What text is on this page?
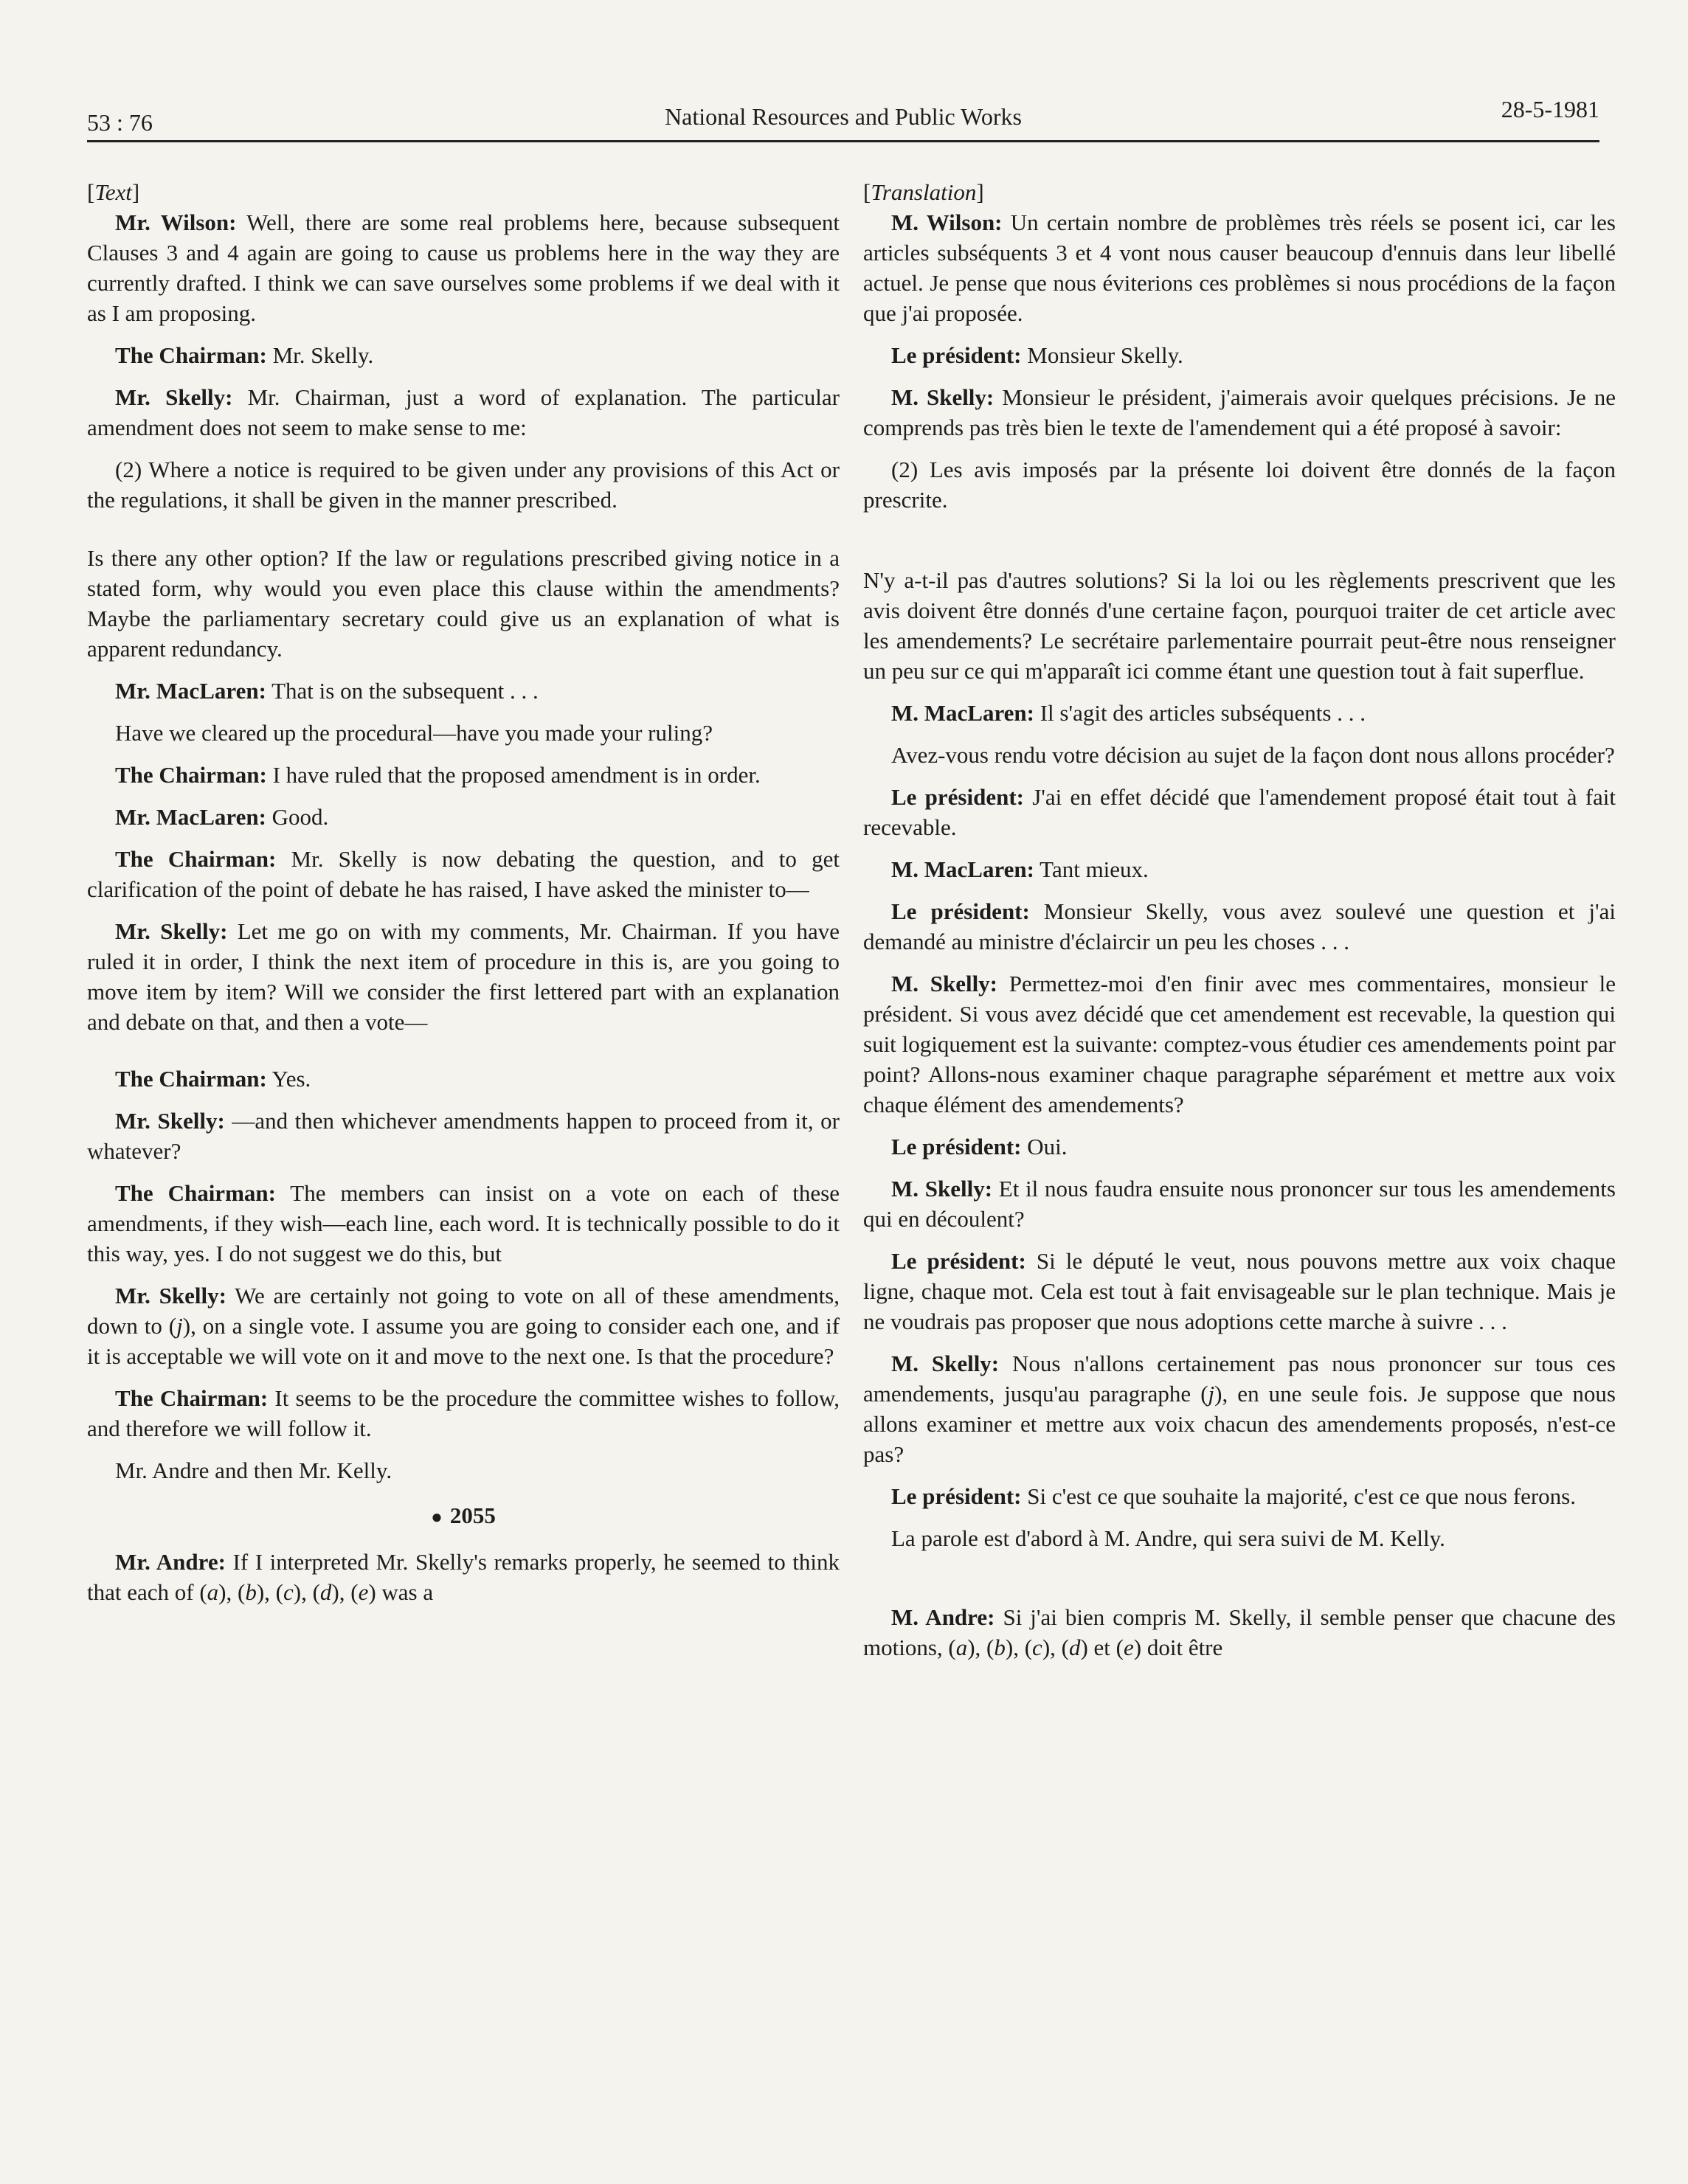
53 : 76	National Resources and Public Works	28-5-1981

[Text]

Mr. Wilson: Well, there are some real problems here, because subsequent Clauses 3 and 4 again are going to cause us problems here in the way they are currently drafted. I think we can save ourselves some problems if we deal with it as I am proposing.

The Chairman: Mr. Skelly.

Mr. Skelly: Mr. Chairman, just a word of explanation. The particular amendment does not seem to make sense to me:

(2) Where a notice is required to be given under any provisions of this Act or the regulations, it shall be given in the manner prescribed.

Is there any other option? If the law or regulations prescribed giving notice in a stated form, why would you even place this clause within the amendments? Maybe the parliamentary secretary could give us an explanation of what is apparent redundancy.

Mr. MacLaren: That is on the subsequent . . .

Have we cleared up the procedural—have you made your ruling?

The Chairman: I have ruled that the proposed amendment is in order.

Mr. MacLaren: Good.

The Chairman: Mr. Skelly is now debating the question, and to get clarification of the point of debate he has raised, I have asked the minister to—

Mr. Skelly: Let me go on with my comments, Mr. Chairman. If you have ruled it in order, I think the next item of procedure in this is, are you going to move item by item? Will we consider the first lettered part with an explanation and debate on that, and then a vote—

The Chairman: Yes.

Mr. Skelly: —and then whichever amendments happen to proceed from it, or whatever?

The Chairman: The members can insist on a vote on each of these amendments, if they wish—each line, each word. It is technically possible to do it this way, yes. I do not suggest we do this, but

Mr. Skelly: We are certainly not going to vote on all of these amendments, down to (j), on a single vote. I assume you are going to consider each one, and if it is acceptable we will vote on it and move to the next one. Is that the procedure?

The Chairman: It seems to be the procedure the committee wishes to follow, and therefore we will follow it.

Mr. Andre and then Mr. Kelly.

● 2055

Mr. Andre: If I interpreted Mr. Skelly's remarks properly, he seemed to think that each of (a), (b), (c), (d), (e) was a

[Translation]

M. Wilson: Un certain nombre de problèmes très réels se posent ici, car les articles subséquents 3 et 4 vont nous causer beaucoup d'ennuis dans leur libellé actuel. Je pense que nous éviterions ces problèmes si nous procédions de la façon que j'ai proposée.

Le président: Monsieur Skelly.

M. Skelly: Monsieur le président, j'aimerais avoir quelques précisions. Je ne comprends pas très bien le texte de l'amendement qui a été proposé à savoir:

(2) Les avis imposés par la présente loi doivent être donnés de la façon prescrite.

N'y a-t-il pas d'autres solutions? Si la loi ou les règlements prescrivent que les avis doivent être donnés d'une certaine façon, pourquoi traiter de cet article avec les amendements? Le secrétaire parlementaire pourrait peut-être nous renseigner un peu sur ce qui m'apparaît ici comme étant une question tout à fait superflue.

M. MacLaren: Il s'agit des articles subséquents . . .

Avez-vous rendu votre décision au sujet de la façon dont nous allons procéder?

Le président: J'ai en effet décidé que l'amendement proposé était tout à fait recevable.

M. MacLaren: Tant mieux.

Le président: Monsieur Skelly, vous avez soulevé une question et j'ai demandé au ministre d'éclaircir un peu les choses . . .

M. Skelly: Permettez-moi d'en finir avec mes commentaires, monsieur le président. Si vous avez décidé que cet amendement est recevable, la question qui suit logiquement est la suivante: comptez-vous étudier ces amendements point par point? Allons-nous examiner chaque paragraphe séparément et mettre aux voix chaque élément des amendements?

Le président: Oui.

M. Skelly: Et il nous faudra ensuite nous prononcer sur tous les amendements qui en découlent?

Le président: Si le député le veut, nous pouvons mettre aux voix chaque ligne, chaque mot. Cela est tout à fait envisageable sur le plan technique. Mais je ne voudrais pas proposer que nous adoptions cette marche à suivre . . .

M. Skelly: Nous n'allons certainement pas nous prononcer sur tous ces amendements, jusqu'au paragraphe (j), en une seule fois. Je suppose que nous allons examiner et mettre aux voix chacun des amendements proposés, n'est-ce pas?

Le président: Si c'est ce que souhaite la majorité, c'est ce que nous ferons.

La parole est d'abord à M. Andre, qui sera suivi de M. Kelly.

M. Andre: Si j'ai bien compris M. Skelly, il semble penser que chacune des motions, (a), (b), (c), (d) et (e) doit être
